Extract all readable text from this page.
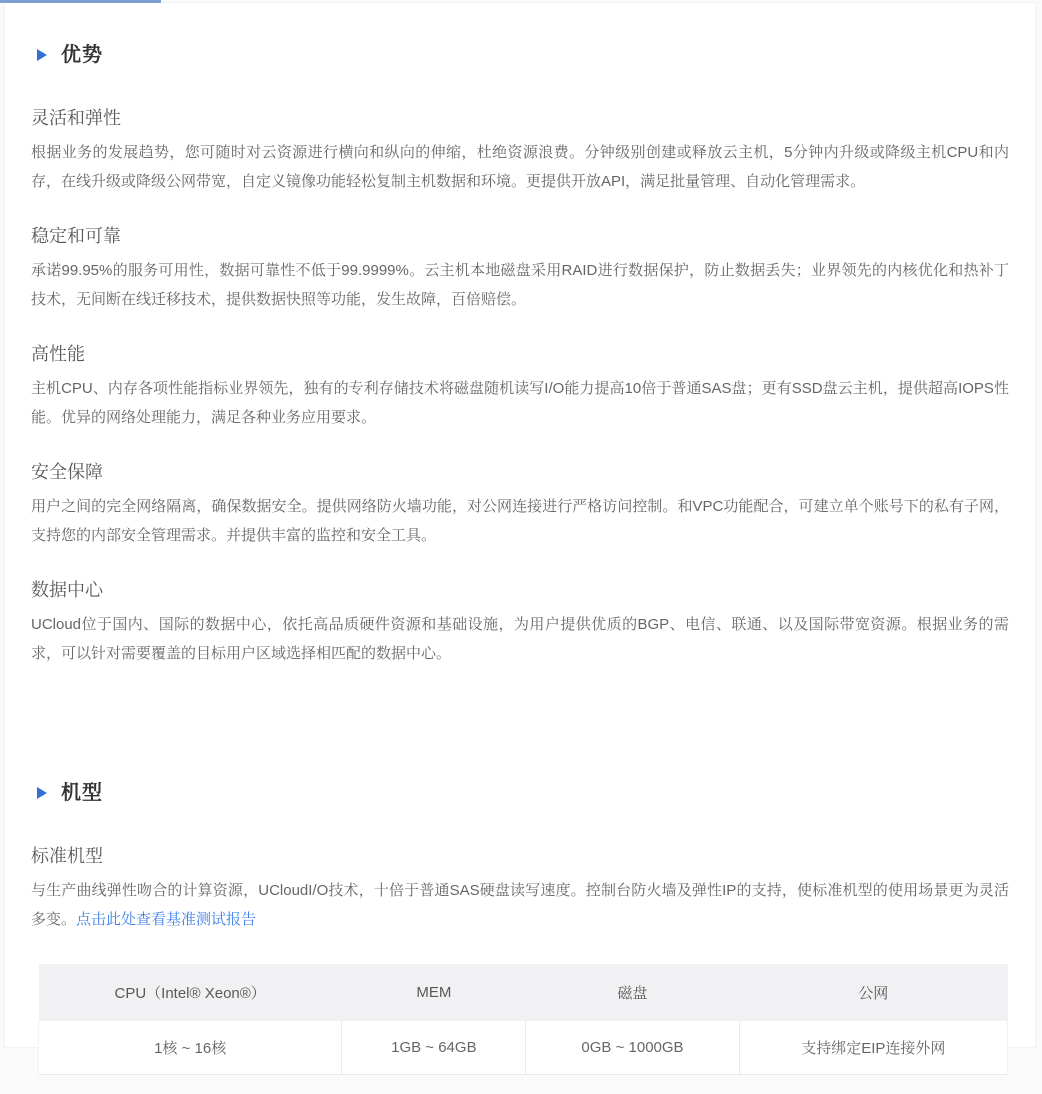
优势
灵活和弹性

根据业务的发展趋势，您可随时对云资源进行横向和纵向的伸缩，杜绝资源浪费。分钟级别创建或释放云主机，5分钟内升级或降级主机CPU和内存，在线升级或降级公网带宽，自定义镜像功能轻松复制主机数据和环境。更提供开放API，满足批量管理、自动化管理需求。

稳定和可靠

承诺99.95%的服务可用性，数据可靠性不低于99.9999%。云主机本地磁盘采用RAID进行数据保护，防止数据丢失；业界领先的内核优化和热补丁技术，无间断在线迁移技术，提供数据快照等功能，发生故障，百倍赔偿。

高性能

主机CPU、内存各项性能指标业界领先，独有的专利存储技术将磁盘随机读写I/O能力提高10倍于普通SAS盘；更有SSD盘云主机，提供超高IOPS性能。优异的网络处理能力，满足各种业务应用要求。

安全保障

用户之间的完全网络隔离，确保数据安全。提供网络防火墙功能，对公网连接进行严格访问控制。和VPC功能配合，可建立单个账号下的私有子网，支持您的内部安全管理需求。并提供丰富的监控和安全工具。

数据中心

UCloud位于国内、国际的数据中心，依托高品质硬件资源和基础设施，为用户提供优质的BGP、电信、联通、以及国际带宽资源。根据业务的需求，可以针对需要覆盖的目标用户区域选择相匹配的数据中心。

机型
标准机型

与生产曲线弹性吻合的计算资源，UCloudI/O技术，十倍于普通SAS硬盘读写速度。控制台防火墙及弹性IP的支持，使标准机型的使用场景更为灵活多变。点击此处查看基准测试报告

CPU（Intel® Xeon®）	MEM	磁盘	公网
1核 ~ 16核	1GB ~ 64GB	0GB ~ 1000GB	支持绑定EIP连接外网
